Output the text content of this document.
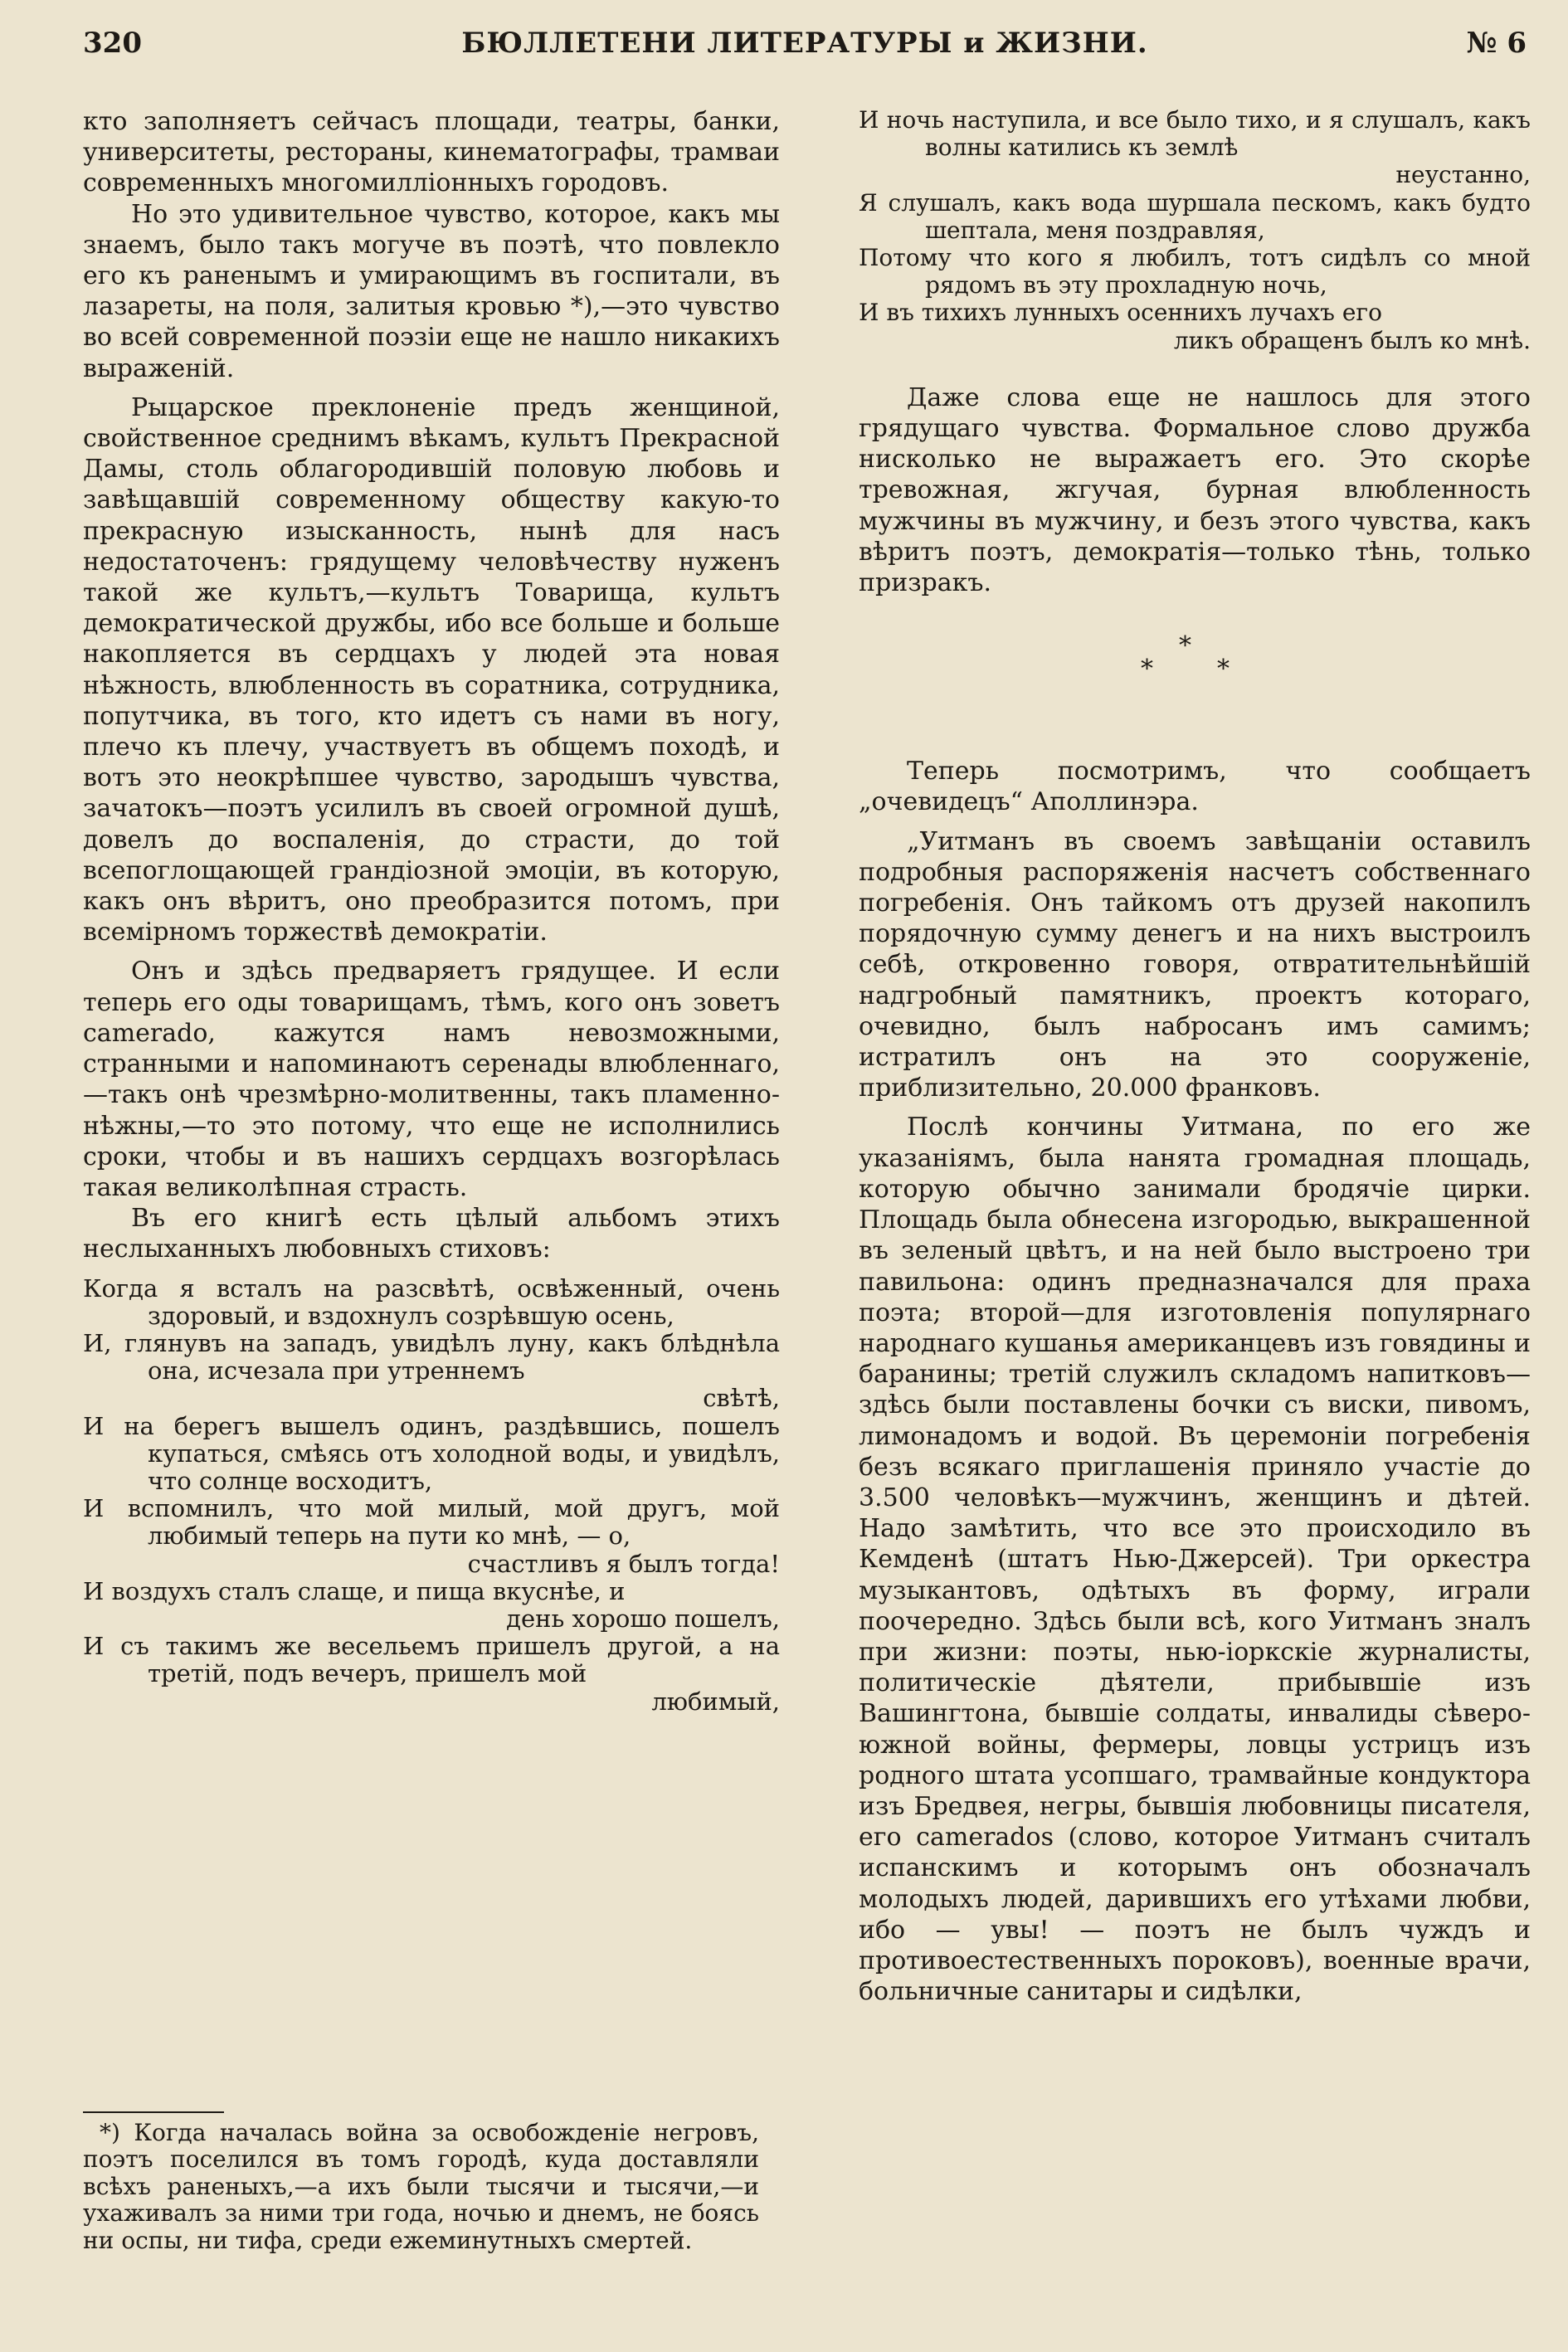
320	БЮЛЛЕТЕНИ ЛИТЕРАТУРЫ и ЖИЗНИ.	№ 6

кто заполняетъ сейчасъ площади, театры, банки, университеты, рестораны, кинематографы, трамваи современныхъ многомилліонныхъ городовъ.

Но это удивительное чувство, которое, какъ мы знаемъ, было такъ могуче въ поэтѣ, что повлекло его къ раненымъ и умирающимъ въ госпитали, въ лазареты, на поля, залитыя кровью *),—это чувство во всей современной поэзіи еще не нашло никакихъ выраженій.

Рыцарское преклоненіе предъ женщиной, свойственное среднимъ вѣкамъ, культъ Прекрасной Дамы, столь облагородившій половую любовь и завѣщавшій современному обществу какую-то прекрасную изысканность, нынѣ для насъ недостаточенъ: грядущему человѣчеству нуженъ такой же культъ,—культъ Товарища, культъ демократической дружбы, ибо все больше и больше накопляется въ сердцахъ у людей эта новая нѣжность, влюбленность въ соратника, сотрудника, попутчика, въ того, кто идетъ съ нами въ ногу, плечо къ плечу, участвуетъ въ общемъ походѣ, и вотъ это неокрѣпшее чувство, зародышъ чувства, зачатокъ—поэтъ усилилъ въ своей огромной душѣ, довелъ до воспаленія, до страсти, до той всепоглощающей грандіозной эмоціи, въ которую, какъ онъ вѣритъ, оно преобразится потомъ, при всемірномъ торжествѣ демократіи.

Онъ и здѣсь предваряетъ грядущее. И если теперь его оды товарищамъ, тѣмъ, кого онъ зоветъ camerado, кажутся намъ невозможными, странными и напоминаютъ серенады влюбленнаго,—такъ онѣ чрезмѣрно-молитвенны, такъ пламенно-нѣжны,—то это потому, что еще не исполнились сроки, чтобы и въ нашихъ сердцахъ возгорѣлась такая великолѣпная страсть.

Въ его книгѣ есть цѣлый альбомъ этихъ неслыханныхъ любовныхъ стиховъ:

Когда я всталъ на разсвѣтѣ, освѣженный, очень здоровый, и вздохнулъ созрѣвшую осень,

И, глянувъ на западъ, увидѣлъ луну, какъ блѣднѣла она, исчезала при утреннемъ
свѣтѣ,

И на берегъ вышелъ одинъ, раздѣвшись, пошелъ купаться, смѣясь отъ холодной воды, и увидѣлъ, что солнце восходитъ,

И вспомнилъ, что мой милый, мой другъ, мой любимый теперь на пути ко мнѣ, — о,
счастливъ я былъ тогда!

И воздухъ сталъ слаще, и пища вкуснѣе, и
день хорошо пошелъ,

И съ такимъ же весельемъ пришелъ другой, а на третій, подъ вечеръ, пришелъ мой
любимый,

*) Когда началась война за освобожденіе негровъ, поэтъ поселился въ томъ городѣ, куда доставляли всѣхъ раненыхъ,—а ихъ были тысячи и тысячи,—и ухаживалъ за ними три года, ночью и днемъ, не боясь ни оспы, ни тифа, среди ежеминутныхъ смертей.

И ночь наступила, и все было тихо, и я слушалъ, какъ волны катились къ землѣ
неустанно,

Я слушалъ, какъ вода шуршала пескомъ, какъ будто шептала, меня поздравляя,

Потому что кого я любилъ, тотъ сидѣлъ со мной рядомъ въ эту прохладную ночь,

И въ тихихъ лунныхъ осеннихъ лучахъ его
ликъ обращенъ былъ ко мнѣ.

Даже слова еще не нашлось для этого грядущаго чувства. Формальное слово дружба нисколько не выражаетъ его. Это скорѣе тревожная, жгучая, бурная влюбленность мужчины въ мужчину, и безъ этого чувства, какъ вѣритъ поэтъ, демократія—только тѣнь, только призракъ.

*
*	*

Теперь посмотримъ, что сообщаетъ „очевидецъ“ Аполлинэра.

„Уитманъ въ своемъ завѣщаніи оставилъ подробныя распоряженія насчетъ собственнаго погребенія. Онъ тайкомъ отъ друзей накопилъ порядочную сумму денегъ и на нихъ выстроилъ себѣ, откровенно говоря, отвратительнѣйшій надгробный памятникъ, проектъ котораго, очевидно, былъ набросанъ имъ самимъ; истратилъ онъ на это сооруженіе, приблизительно, 20.000 франковъ.

Послѣ кончины Уитмана, по его же указаніямъ, была нанята громадная площадь, которую обычно занимали бродячіе цирки. Площадь была обнесена изгородью, выкрашенной въ зеленый цвѣтъ, и на ней было выстроено три павильона: одинъ предназначался для праха поэта; второй—для изготовленія популярнаго народнаго кушанья американцевъ изъ говядины и баранины; третій служилъ складомъ напитковъ—здѣсь были поставлены бочки съ виски, пивомъ, лимонадомъ и водой. Въ церемоніи погребенія безъ всякаго приглашенія приняло участіе до 3.500 человѣкъ—мужчинъ, женщинъ и дѣтей. Надо замѣтить, что все это происходило въ Кемденѣ (штатъ Нью-Джерсей). Три оркестра музыкантовъ, одѣтыхъ въ форму, играли поочередно. Здѣсь были всѣ, кого Уитманъ зналъ при жизни: поэты, нью-іоркскіе журналисты, политическіе дѣятели, прибывшіе изъ Вашингтона, бывшіе солдаты, инвалиды сѣверо-южной войны, фермеры, ловцы устрицъ изъ родного штата усопшаго, трамвайные кондуктора изъ Бредвея, негры, бывшія любовницы писателя, его camerados (слово, которое Уитманъ считалъ испанскимъ и которымъ онъ обозначалъ молодыхъ людей, дарившихъ его утѣхами любви, ибо — увы! — поэтъ не былъ чуждъ и противоестественныхъ пороковъ), военные врачи, больничные санитары и сидѣлки,
